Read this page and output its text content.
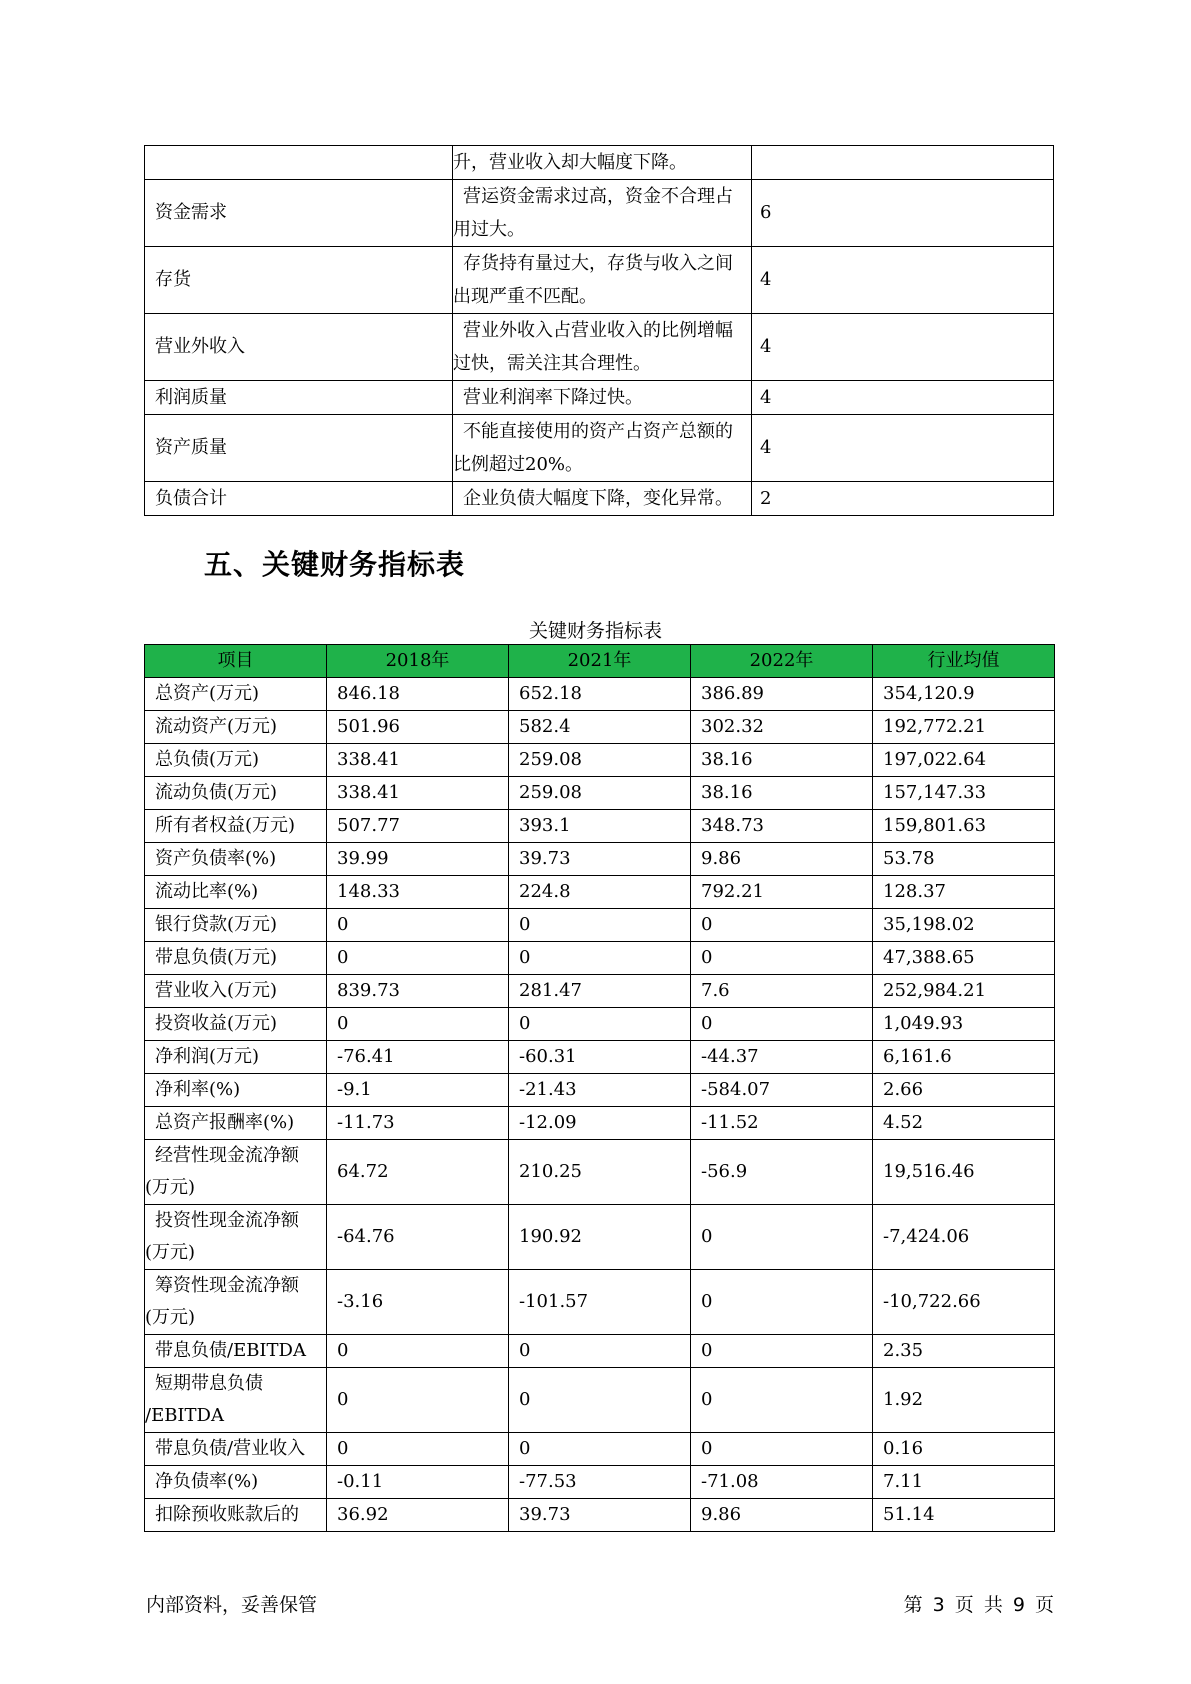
	升，营业收入却大幅度下降。	
资金需求	营运资金需求过高，资金不合理占用过大。	6
存货	存货持有量过大，存货与收入之间出现严重不匹配。	4
营业外收入	营业外收入占营业收入的比例增幅过快，需关注其合理性。	4
利润质量	营业利润率下降过快。	4
资产质量	不能直接使用的资产占资产总额的比例超过20%。	4
负债合计	企业负债大幅度下降，变化异常。	2
五、关键财务指标表
关键财务指标表
项目	2018年	2021年	2022年	行业均值

总资产(万元)	846.18	652.18	386.89	354,120.9

流动资产(万元)	501.96	582.4	302.32	192,772.21

总负债(万元)	338.41	259.08	38.16	197,022.64

流动负债(万元)	338.41	259.08	38.16	157,147.33

所有者权益(万元)	507.77	393.1	348.73	159,801.63

资产负债率(%)	39.99	39.73	9.86	53.78

流动比率(%)	148.33	224.8	792.21	128.37

银行贷款(万元)	0	0	0	35,198.02

带息负债(万元)	0	0	0	47,388.65

营业收入(万元)	839.73	281.47	7.6	252,984.21

投资收益(万元)	0	0	0	1,049.93

净利润(万元)	-76.41	-60.31	-44.37	6,161.6

净利率(%)	-9.1	-21.43	-584.07	2.66

总资产报酬率(%)	-11.73	-12.09	-11.52	4.52

经营性现金流净额
(万元)	64.72	210.25	-56.9	19,516.46

投资性现金流净额
(万元)	-64.76	190.92	0	-7,424.06

筹资性现金流净额
(万元)	-3.16	-101.57	0	-10,722.66

带息负债/EBITDA	0	0	0	2.35

短期带息负债
/EBITDA	0	0	0	1.92

带息负债/营业收入	0	0	0	0.16

净负债率(%)	-0.11	-77.53	-71.08	7.11

扣除预收账款后的	36.92	39.73	9.86	51.14
内部资料，妥善保管	第 3 页 共 9 页
